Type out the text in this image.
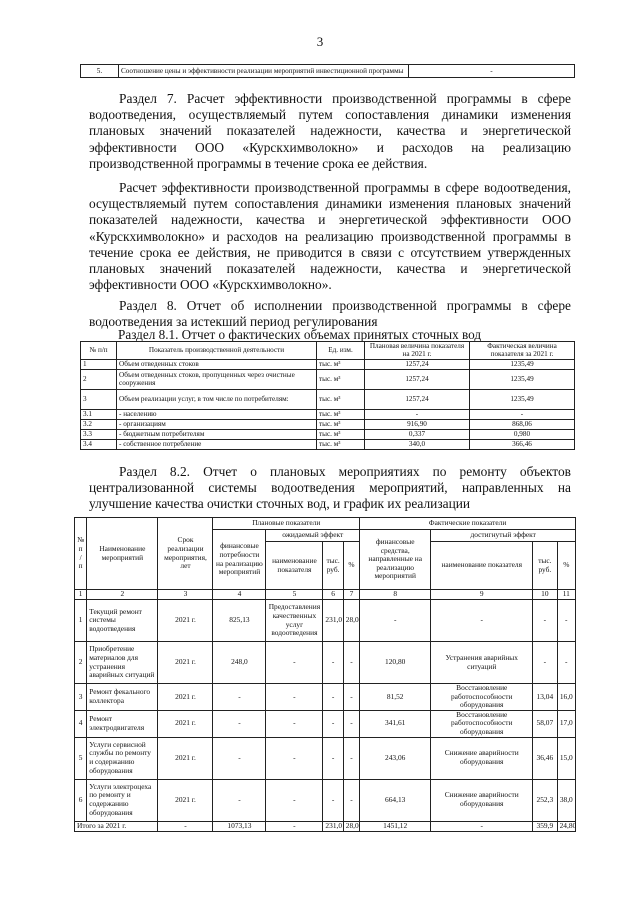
3
5.	Соотношение цены и эффективности реализации мероприятий инвестиционной программы	-
Раздел 7. Расчет эффективности производственной программы в сфере водоотведения, осуществляемый путем сопоставления динамики изменения плановых значений показателей надежности, качества и энергетической эффективности ООО «Курскхимволокно» и расходов на реализацию производственной программы в течение срока ее действия.
Расчет эффективности производственной программы в сфере водоотведения, осуществляемый путем сопоставления динамики изменения плановых значений показателей надежности, качества и энергетической эффективности ООО «Курскхимволокно» и расходов на реализацию производственной программы в течение срока ее действия, не приводится в связи с отсутствием утвержденных плановых значений показателей надежности, качества и энергетической эффективности ООО «Курскхимволокно».
Раздел 8. Отчет об исполнении производственной программы в сфере водоотведения за истекший период регулирования
Раздел 8.1. Отчет о фактических объемах принятых сточных вод
№ п/п	Показатель производственной деятельности	Ед. изм.	Плановая величина показателя на 2021 г.	Фактическая величина показателя за 2021 г.
1	Объем отведенных стоков	тыс. м³	1257,24	1235,49
2	Объем отведенных стоков, пропущенных через очистные сооружения	тыс. м³	1257,24	1235,49
3	Объем реализации услуг, в том числе по потребителям:	тыс. м³	1257,24	1235,49
3.1	- населению	тыс. м³	-	-
3.2	- организациям	тыс. м³	916,90	868,06
3.3	- бюджетным потребителям	тыс. м³	0,337	0,980
3.4	- собственное потребление	тыс. м³	340,0	366,46
Раздел 8.2. Отчет о плановых мероприятиях по ремонту объектов централизованной системы водоотведения мероприятий, направленных на улучшение качества очистки сточных вод, и график их реализации
№ п / п	Наименование мероприятий	Срок реализации мероприятия, лет	Плановые показатели				Фактические показатели			
			финансовые потребности на реализацию мероприятий	ожидаемый эффект			финансовые средства, направленные на реализацию мероприятий	достигнутый эффект		
				наименование показателя	тыс. руб.	%		наименование показателя	тыс. руб.	%
1	2	3	4	5	6	7	8	9	10	11
1	Текущий ремонт системы водоотведения	2021 г.	825,13	Предоставления качественных услуг водоотведения	231,0	28,0	-	-	-	-
2	Приобретение материалов для устранения аварийных ситуаций	2021 г.	248,0	-	-	-	120,80	Устранения аварийных ситуаций	-	-
3	Ремонт фекального коллектора	2021 г.	-	-	-	-	81,52	Восстановление работоспособности оборудования	13,04	16,0
4	Ремонт электродвигателя	2021 г.	-	-	-	-	341,61	Восстановление работоспособности оборудования	58,07	17,0
5	Услуги сервисной службы по ремонту и содержанию оборудования	2021 г.	-	-	-	-	243,06	Снижение аварийности оборудования	36,46	15,0
6	Услуги электроцеха по ремонту и содержанию оборудования	2021 г.	-	-	-	-	664,13	Снижение аварийности оборудования	252,3	38,0
Итого за 2021 г.		-	1073,13	-	231,0	28,0	1451,12	-	359,9	24,80
